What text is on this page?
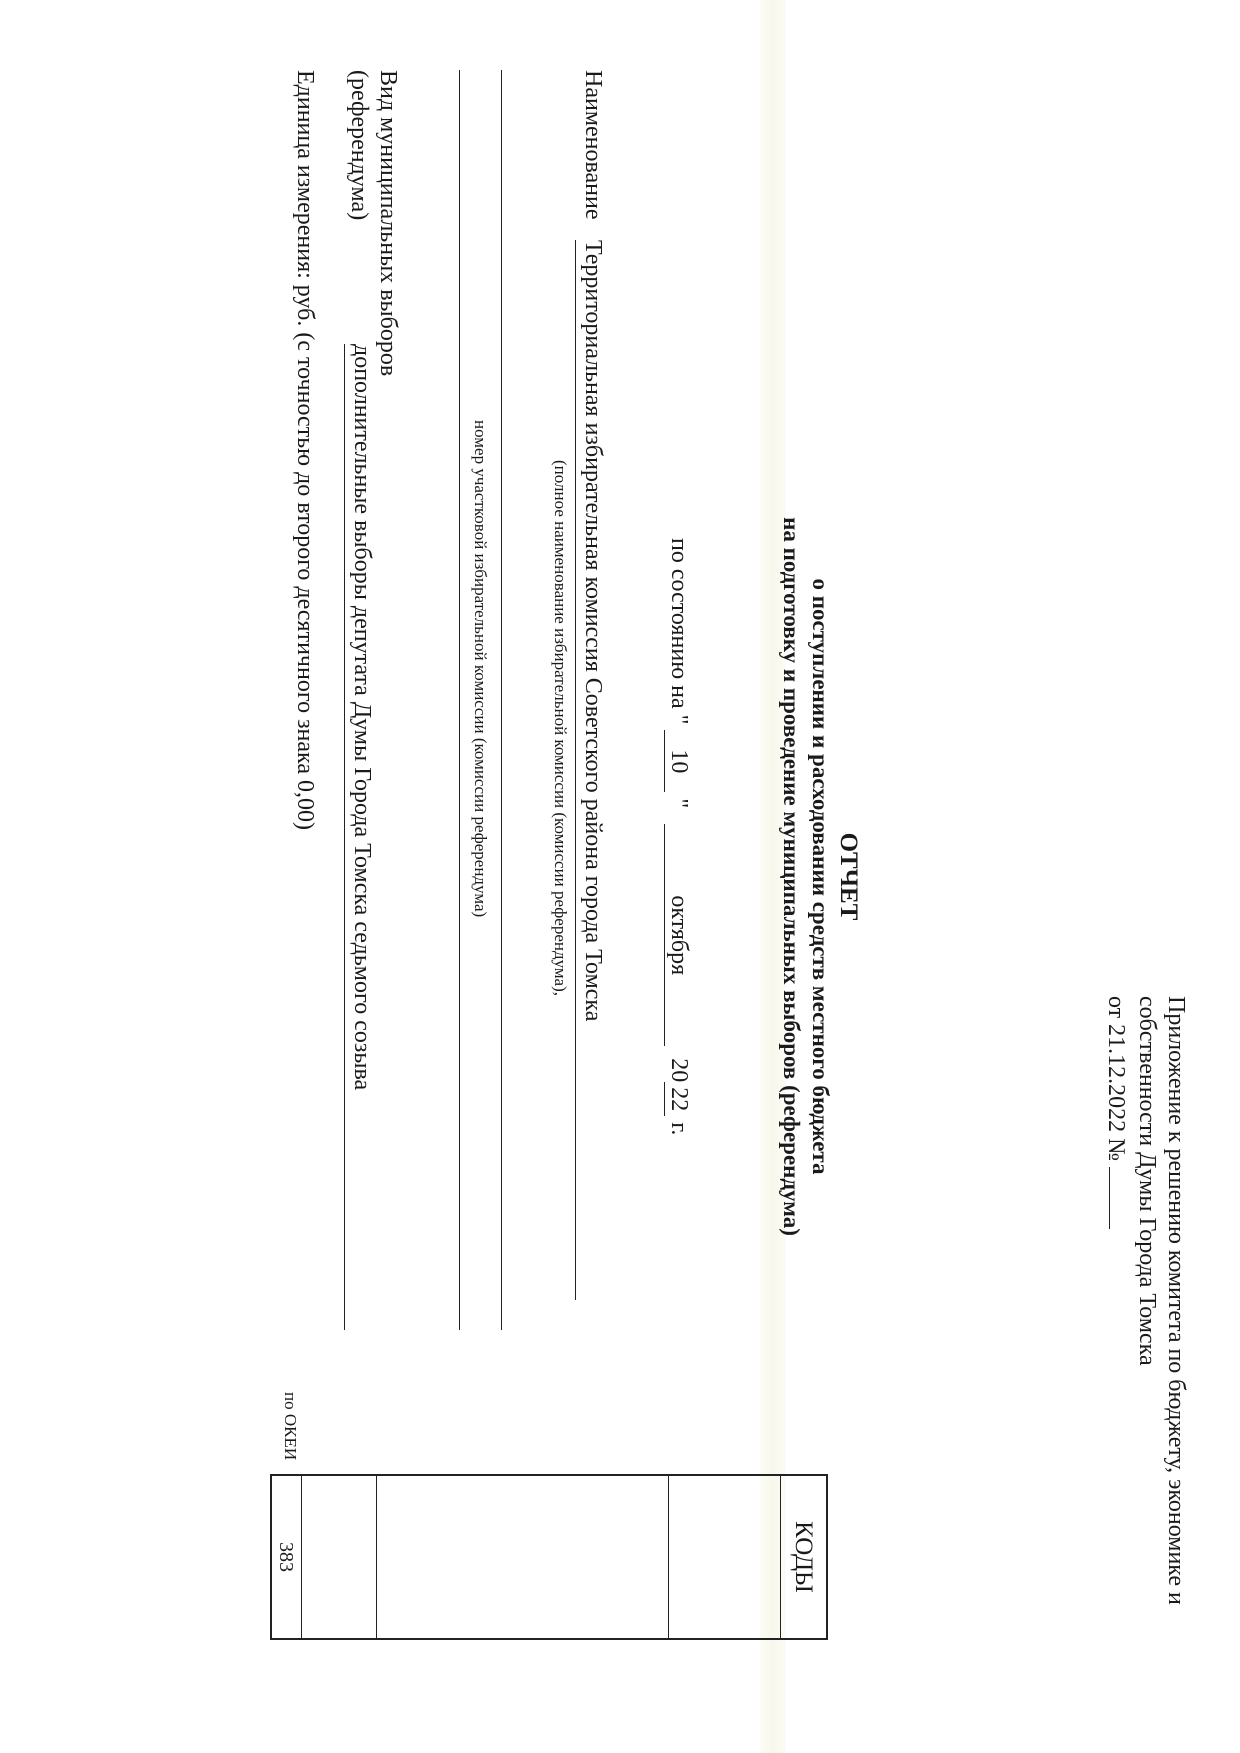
Приложение к решению комитета по бюджету, экономике и
собственности Думы Города Томска
от 21.12.2022 №
ОТЧЕТ
о поступлении и расходовании средств местного бюджета
на подготовку и проведение муниципальных выборов (референдума)
по состоянию на " 10 " октября 2022 г.
Наименование
Территориальная избирательная комиссия Советского района города Томска
(полное наименование избирательной комиссии (комиссии референдума),
номер участковой избирательной комиссии (комиссии референдума)
Вид муниципальных выборов
(референдума)
дополнительные выборы депутата Думы Города Томска седьмого созыва
Единица измерения: руб. (с точностью до второго десятичного знака 0,00)
по ОКЕИ
КОДЫ
383
